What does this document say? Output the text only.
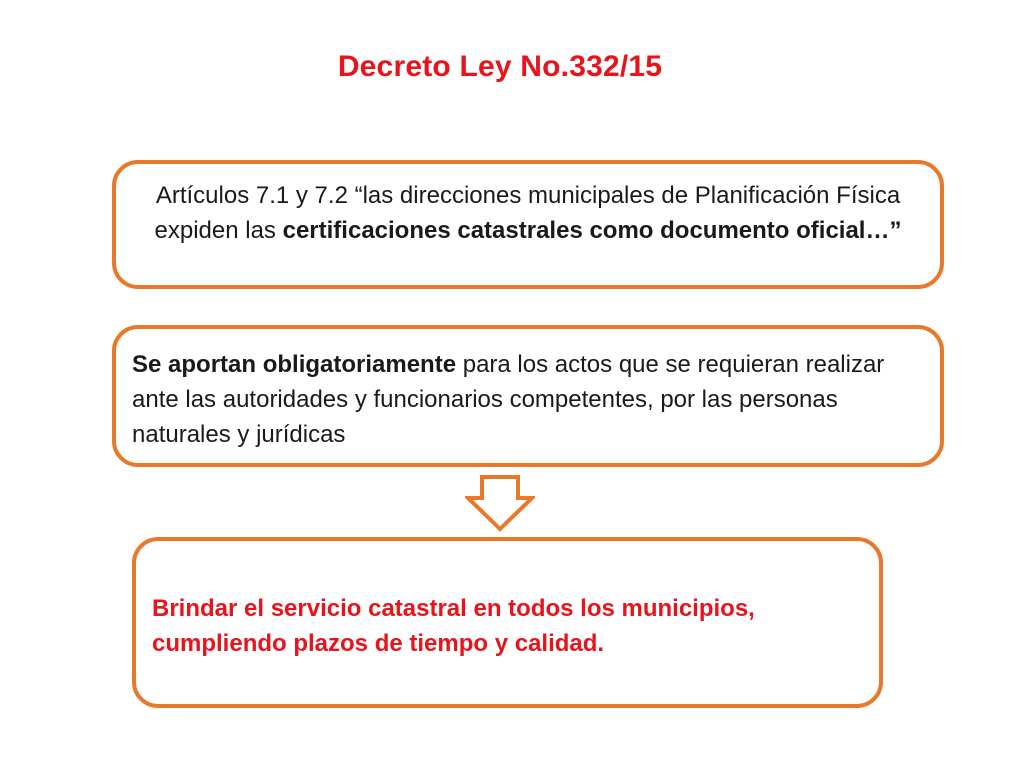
Decreto Ley No.332/15
Artículos 7.1 y 7.2 “las direcciones municipales de Planificación Física expiden las certificaciones catastrales como documento oficial…”
Se aportan obligatoriamente para los actos que se requieran realizar ante las autoridades y funcionarios competentes, por las personas naturales y jurídicas
Brindar el servicio catastral en todos los municipios, cumpliendo plazos de tiempo y calidad.
